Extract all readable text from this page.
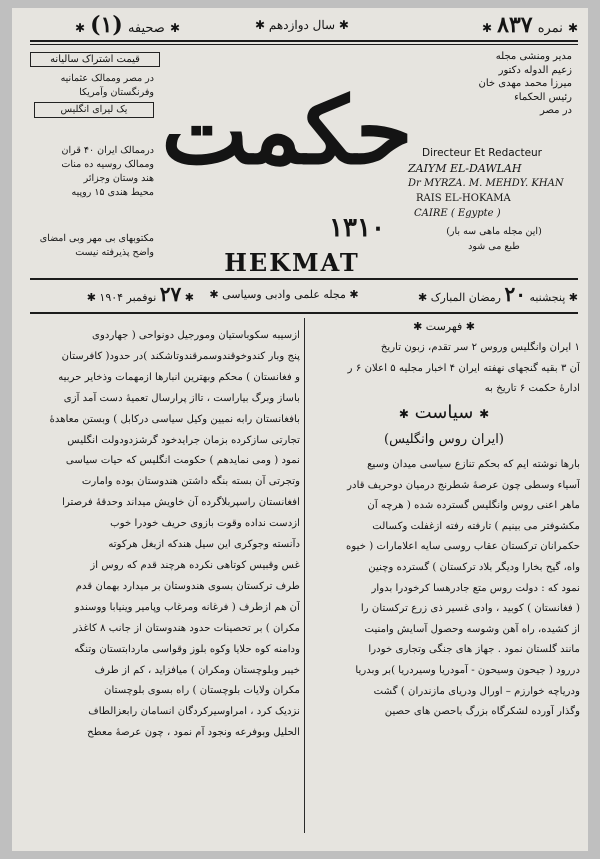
✱ نمره ۸۳۷ ✱
✱ سال دوازدهم ✱
✱ صحیفه (۱) ✱
قیمت اشتراک سالیانه
در مصر وممالک عثمانیه
وفرنگستان وآمریکا
یک لیرای انگلیس
درممالک ایران ۴۰ قران
وممالک روسیه ده منات
هند وستان وجزائر
محیط هندی ۱۵ روپیه
مکتوبهای بی مهر وبی امضای
واضح پذیرفته نیست
حکمت
۱۳۱۰
HEKMAT
مدیر ومنشی مجله
زعیم الدوله دکتور
میرزا محمد مهدی خان
رئیس الحکماء
در مصر
Directeur Et Redacteur
ZAIYM EL-DAWLAH
Dr MYRZA. M. MEHDY. KHAN
RAIS EL-HOKAMA
CAIRE ( Egypte )
(این مجله ماهی سه بار)
طبع می شود
✱ پنجشنبه ۲۰ رمضان المبارک ✱
✱ مجله علمی وادبی وسیاسی ✱
✱ ۲۷ نوفمبر ۱۹۰۴ ✱
✱ فهرست ✱
۱ ایران وانگلیس وروس ۲ سر تقدم، زبون تاریخ
آن ۳ بقیه گنجهای نهفته ایران ۴ اخبار مجلیه ۵ اعلان ۶ ر
ادارهٔ حکمت ۶ تاریخ به
✱ سیاست ✱
(ایران روس وانگلیس)
بارها نوشته ایم که بحکم تنازع سیاسی میدان وسیع
آسیاء وسطی چون عرصهٔ شطرنج درمیان دوحریف قادر
ماهر اعنی روس وانگلیس گسترده شده ( هرچه آن
مکشوفتر می بینیم ) تارفته رفته ازغفلت وکسالت
حکمرانان ترکستان عقاب روسی سایه اعلامارات ( خیوه
واه، گیح بخارا ودیگر بلاد ترکستان ) گسترده وچنین
نمود که : دولت روس متع جادرهسا کرخودرا بدوار
( فغانستان ) کوبید ، وادی غسیر ذی زرع ترکستان را
از کشیده، راه آهن وشوسه وحصول آسایش وامنیت
مانند گلستان نمود . جهاز های جنگی وتجاری خودرا
دررود ( جیحون وسیحون - آمودریا وسیردریا )بر وبدریا
ودریاچه خوارزم – اورال ودریای مازندران ) گشت
وگذار آورده لشکرگاه بزرگ باحصن های حصین
ازسیبه سکوباستیان ومورجیل دونواحی ( جهاردوی
پنج وبار کندوخوقندوسمرقندوتاشکند )در حدود( کافرستان
و فغانستان ) محکم وبهترین انبارها ازمهمات وذخایر حربیه
باساز وبرگ بیاراست ، تااز پرارسال تعمیهٔ دست آمد آزی
بافغانستان رابه نمیین وکیل سیاسی درکابل ) وبستن معاهدهٔ
تجارتی سازکرده بزمان جرایدخود گرشزدودولت انگلیس
نمود ( ومی نمایدهم ) حکومت انگلیس که حیات سیاسی
وتجرتی آن بسته بنگه داشتن هندوستان بوده وامارت
افغانستان راسپربلاگرده آن خاویش میداند وحدقهٔ فرصترا
ازدست نداده وقوت بازوی حریف خودرا خوب
دآنسته وجوکری این سیل هندکه ازبغل هرکوته
غس وقبیس کوتاهی نکرده هرچند قدم که روس از
طرف ترکستان بسوی هندوستان بر میدارد بهمان قدم
آن هم ازطرف ( فرغانه ومرغاب وپامیر وینیابا ووسندو
مکران ) بر تحصینات حدود هندوستان از جانب ۸ کاغذر
ودامنه کوه حلایا وکوه بلوز وقواسی ماردابتستان وتنگه
خیبر وبلوچستان ومکران ) میافزاید ، کم از طرف
مکران ولایات بلوچستان ) راه بسوی بلوچستان
نزدیک کرد ، امراوسیرکردگان انسامان رابعزالطاف
الحلیل وبوفرعه ونجود آم نمود ، چون عرصهٔ معطح
